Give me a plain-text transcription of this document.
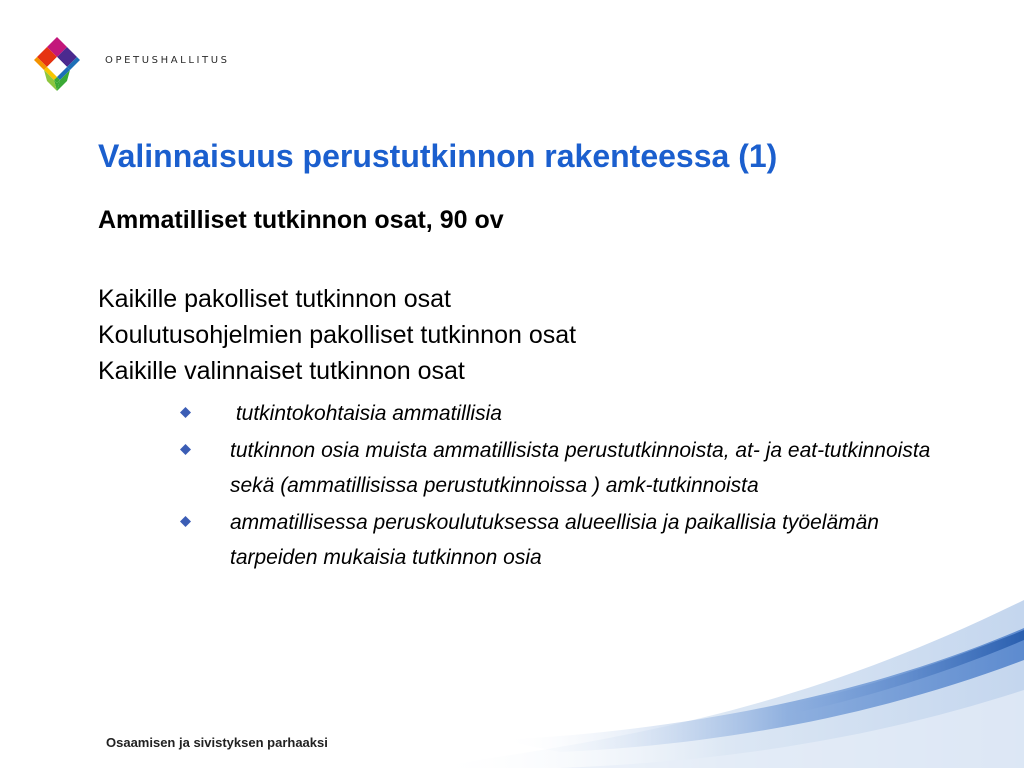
OPETUSHALLITUS
Valinnaisuus perustutkinnon rakenteessa (1)
Ammatilliset tutkinnon osat, 90 ov
Kaikille pakolliset tutkinnon osat
Koulutusohjelmien pakolliset tutkinnon osat
Kaikille valinnaiset tutkinnon osat
tutkintokohtaisia ammatillisia
tutkinnon osia muista ammatillisista perustutkinnoista, at- ja eat-tutkinnoista sekä (ammatillisissa perustutkinnoissa ) amk-tutkinnoista
ammatillisessa peruskoulutuksessa alueellisia ja paikallisia työelämän tarpeiden mukaisia tutkinnon osia
Osaamisen ja sivistyksen parhaaksi
